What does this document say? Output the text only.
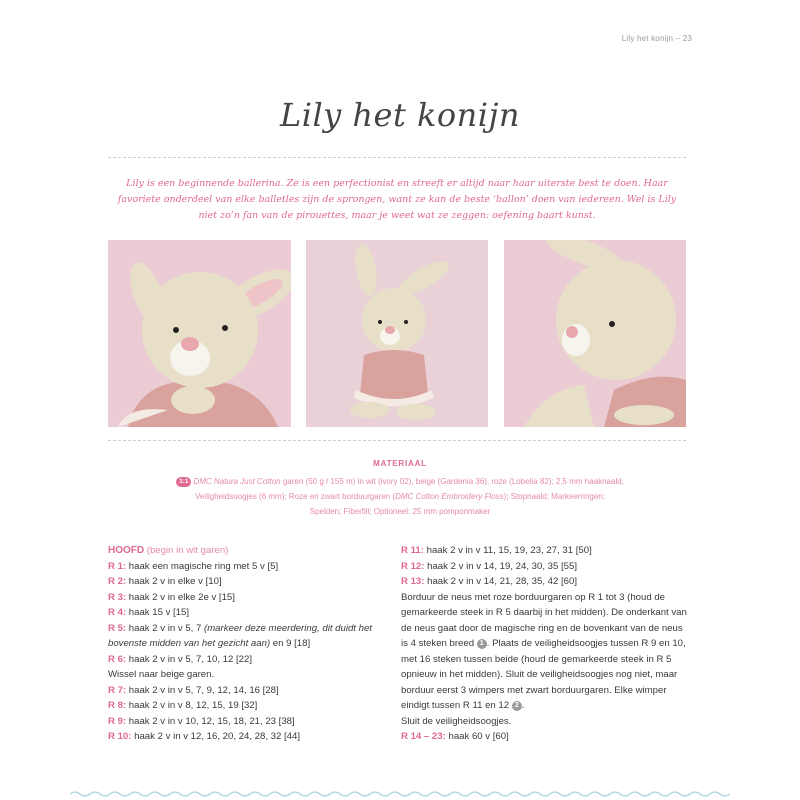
Lily het konijn – 23
Lily het konijn
Lily is een beginnende ballerina. Ze is een perfectionist en streeft er altijd naar haar uiterste best te doen. Haar favoriete onderdeel van elke balletles zijn de sprongen, want ze kan de beste ‘ballon’ doen van iedereen. Wel is Lily niet zo’n fan van de pirouettes, maar je weet wat ze zeggen: oefening baart kunst.
MATERIAAL
1:1 DMC Natura Just Cotton garen (50 g / 155 m) in wit (ivory 02), beige (Gardenia 36), roze (Lobelia 82); 2,5 mm haaknaald,
Veiligheidsoogjes (6 mm); Roze en zwart borduurgaren (DMC Cotton Embroidery Floss); Stopnaald; Markeerringen;
Spelden; Fiberfill; Optioneel: 25 mm pomponmaker

HOOFD (begin in wit garen)

R 1: haak een magische ring met 5 v [5]

R 2: haak 2 v in elke v [10]

R 3: haak 2 v in elke 2e v [15]

R 4: haak 15 v [15]

R 5: haak 2 v in v 5, 7 (markeer deze meerdering, dit duidt het bovenste midden van het gezicht aan) en 9 [18]

R 6: haak 2 v in v 5, 7, 10, 12 [22]

Wissel naar beige garen.

R 7: haak 2 v in v 5, 7, 9, 12, 14, 16 [28]

R 8: haak 2 v in v 8, 12, 15, 19 [32]

R 9: haak 2 v in v 10, 12, 15, 18, 21, 23 [38]

R 10: haak 2 v in v 12, 16, 20, 24, 28, 32 [44]

R 11: haak 2 v in v 11, 15, 19, 23, 27, 31 [50]

R 12: haak 2 v in v 14, 19, 24, 30, 35 [55]

R 13: haak 2 v in v 14, 21, 28, 35, 42 [60]

Borduur de neus met roze borduurgaren op R 1 tot 3 (houd de gemarkeerde steek in R 5 daarbij in het midden). De onderkant van de neus gaat door de magische ring en de bovenkant van de neus is 4 steken breed 1 . Plaats de veiligheidsoogjes tussen R 9 en 10, met 16 steken tussen beide (houd de gemarkeerde steek in R 5 opnieuw in het midden). Sluit de veiligheidsoogjes nog niet, maar borduur eerst 3 wimpers met zwart borduurgaren. Elke wimper eindigt tussen R 11 en 12 2 .

Sluit de veiligheidsoogjes.

R 14 – 23: haak 60 v [60]
